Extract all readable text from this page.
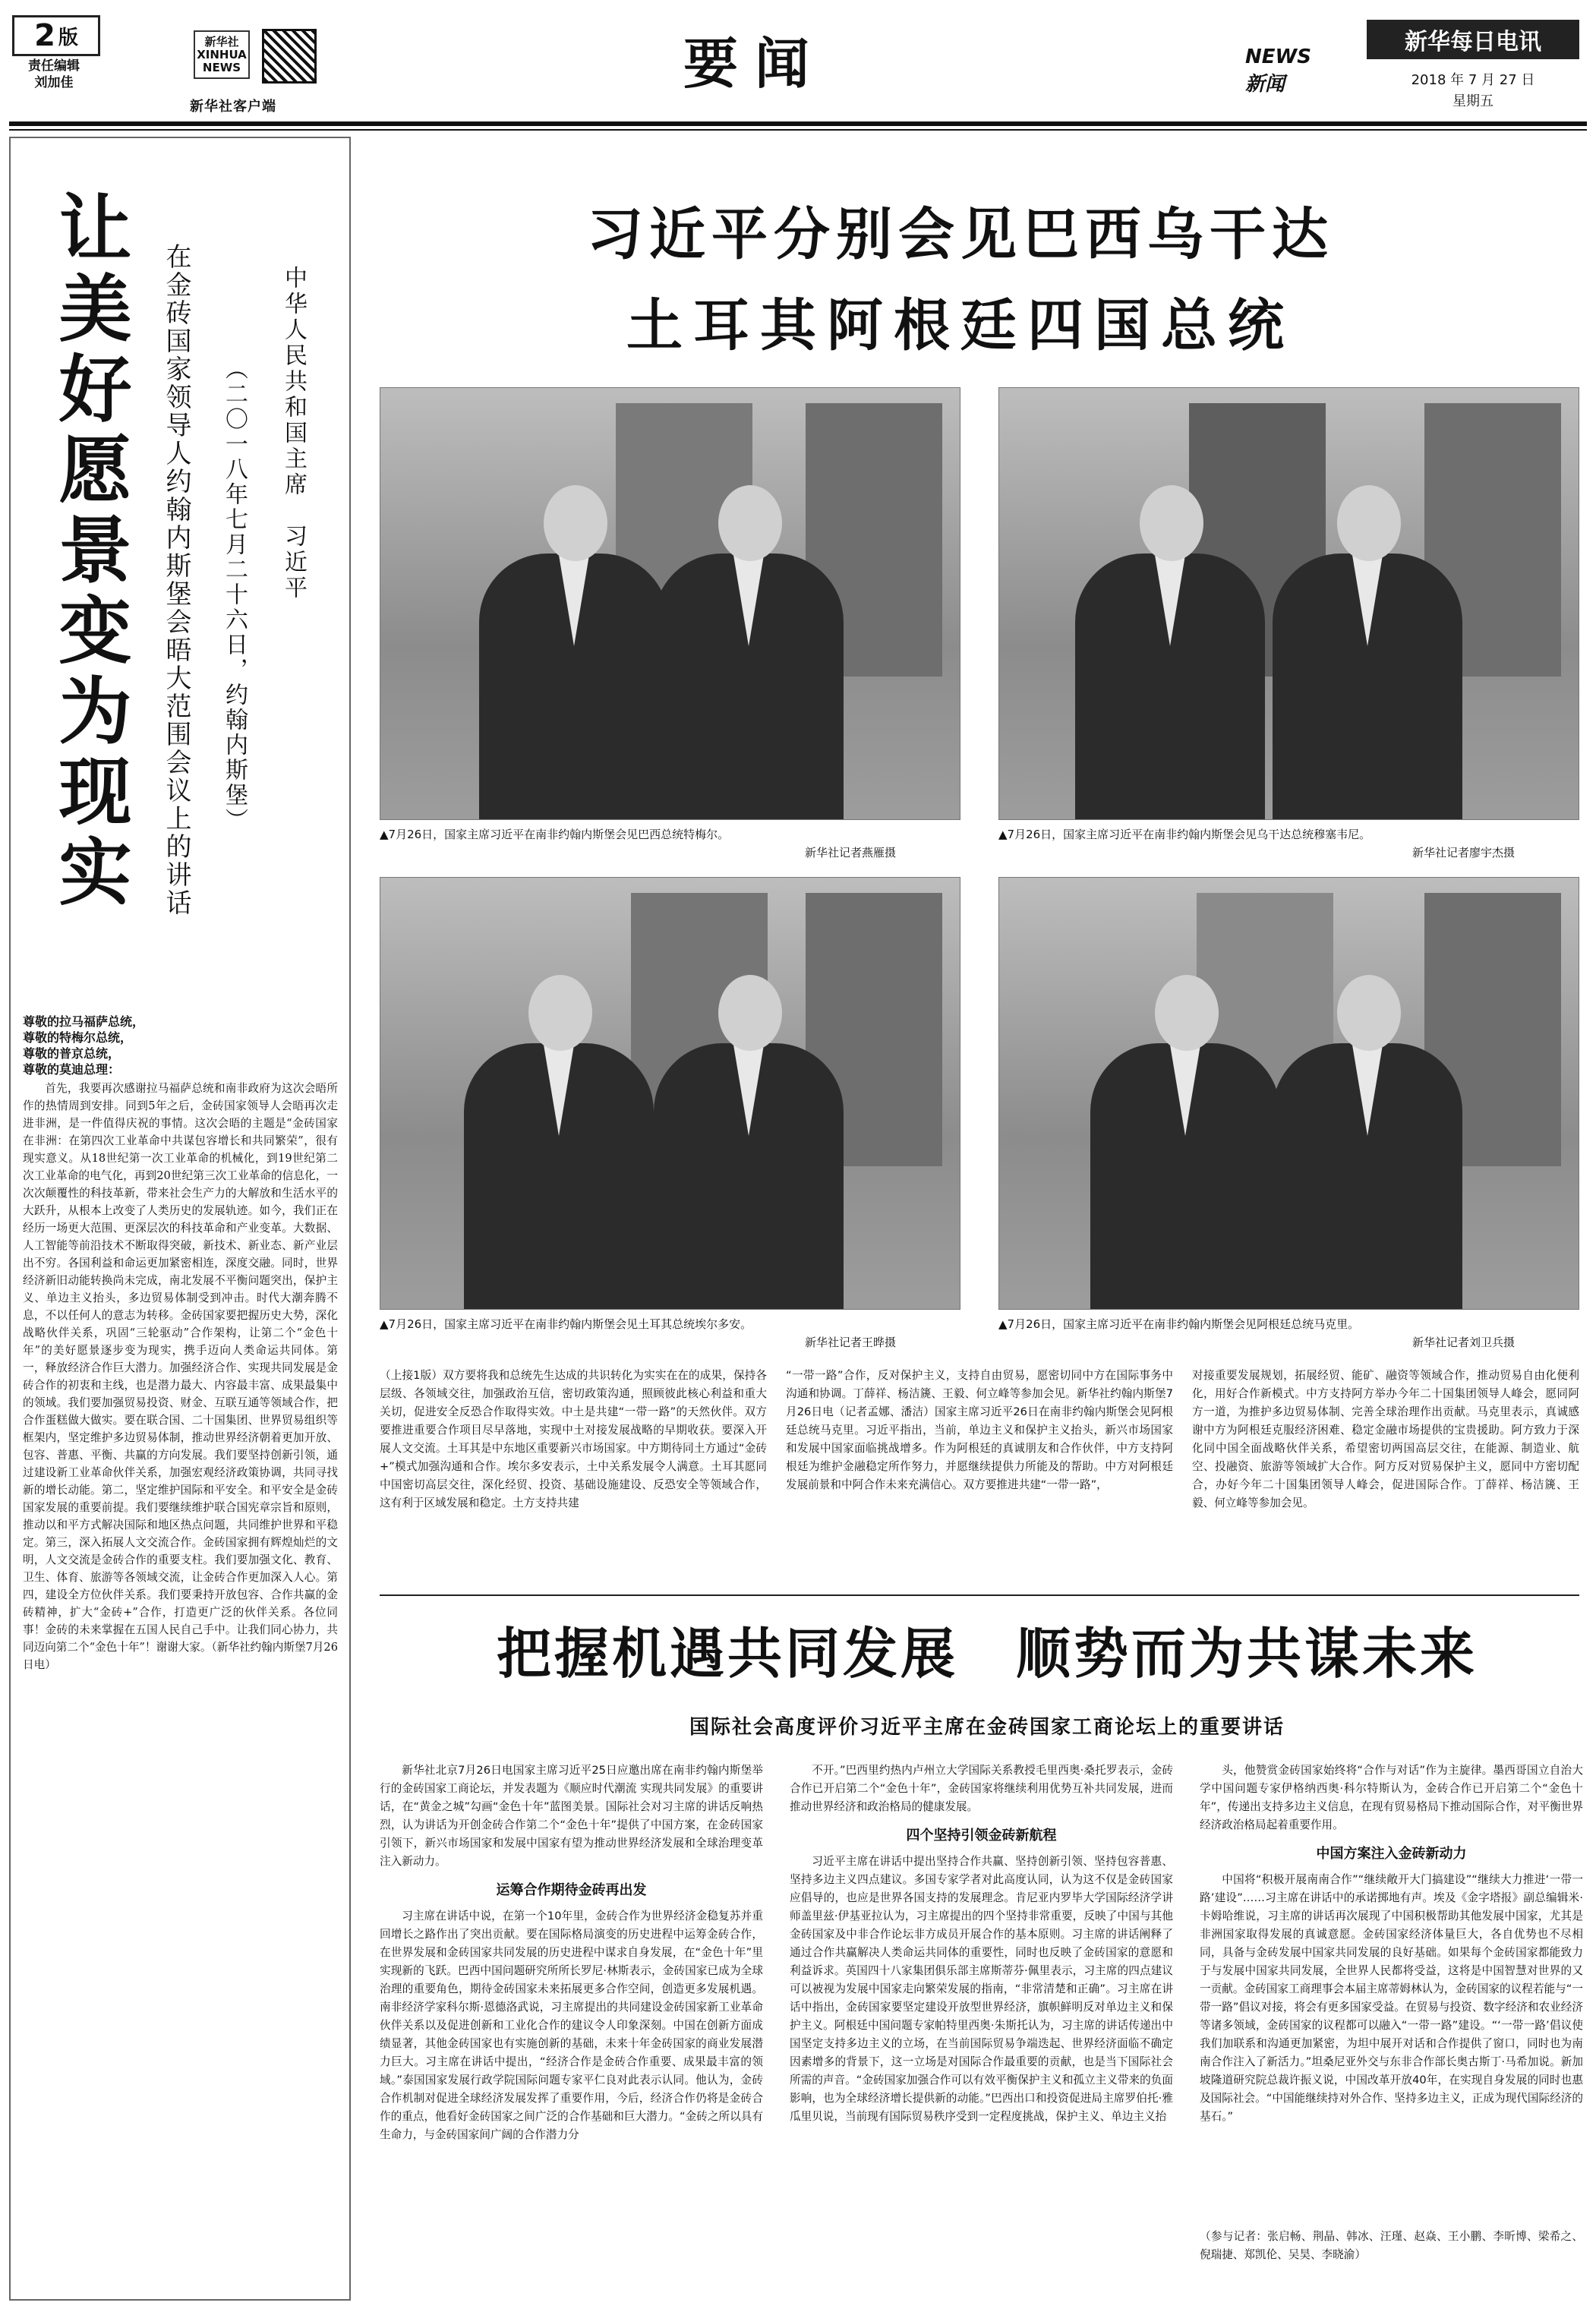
2 版
责任编辑
刘加佳
新华社 XINHUA NEWS
新华社客户端
要闻	NEWS 新闻
新华每日电讯
2018 年 7 月 27 日
星期五
让美好愿景变为现实 在金砖国家领导人约翰内斯堡会晤大范围会议上的讲话 （二〇一八年七月二十六日，约翰内斯堡） 中华人民共和国主席　习近平
尊敬的拉马福萨总统，
尊敬的特梅尔总统，
尊敬的普京总统，
尊敬的莫迪总理：
首先，我要再次感谢拉马福萨总统和南非政府为这次会晤所作的热情周到安排。同到5年之后，金砖国家领导人会晤再次走进非洲，是一件值得庆祝的事情。这次会晤的主题是“金砖国家在非洲：在第四次工业革命中共谋包容增长和共同繁荣”，很有现实意义。从18世纪第一次工业革命的机械化，到19世纪第二次工业革命的电气化，再到20世纪第三次工业革命的信息化，一次次颠覆性的科技革新，带来社会生产力的大解放和生活水平的大跃升，从根本上改变了人类历史的发展轨迹。如今，我们正在经历一场更大范围、更深层次的科技革命和产业变革。大数据、人工智能等前沿技术不断取得突破，新技术、新业态、新产业层出不穷。各国利益和命运更加紧密相连，深度交融。同时，世界经济新旧动能转换尚未完成，南北发展不平衡问题突出，保护主义、单边主义抬头，多边贸易体制受到冲击。时代大潮奔腾不息，不以任何人的意志为转移。金砖国家要把握历史大势，深化战略伙伴关系，巩固“三轮驱动”合作架构，让第二个“金色十年”的美好愿景逐步变为现实，携手迈向人类命运共同体。第一，释放经济合作巨大潜力。加强经济合作、实现共同发展是金砖合作的初衷和主线，也是潜力最大、内容最丰富、成果最集中的领域。我们要加强贸易投资、财金、互联互通等领域合作，把合作蛋糕做大做实。要在联合国、二十国集团、世界贸易组织等框架内，坚定维护多边贸易体制，推动世界经济朝着更加开放、包容、普惠、平衡、共赢的方向发展。我们要坚持创新引领，通过建设新工业革命伙伴关系，加强宏观经济政策协调，共同寻找新的增长动能。第二，坚定维护国际和平安全。和平安全是金砖国家发展的重要前提。我们要继续维护联合国宪章宗旨和原则，推动以和平方式解决国际和地区热点问题，共同维护世界和平稳定。第三，深入拓展人文交流合作。金砖国家拥有辉煌灿烂的文明，人文交流是金砖合作的重要支柱。我们要加强文化、教育、卫生、体育、旅游等各领域交流，让金砖合作更加深入人心。第四，建设全方位伙伴关系。我们要秉持开放包容、合作共赢的金砖精神，扩大“金砖+”合作，打造更广泛的伙伴关系。各位同事！金砖的未来掌握在五国人民自己手中。让我们同心协力，共同迈向第二个“金色十年”！谢谢大家。（新华社约翰内斯堡7月26日电）
习近平分别会见巴西乌干达
土耳其阿根廷四国总统
▲7月26日，国家主席习近平在南非约翰内斯堡会见巴西总统特梅尔。
新华社记者燕雁摄
▲7月26日，国家主席习近平在南非约翰内斯堡会见乌干达总统穆塞韦尼。
新华社记者廖宇杰摄
▲7月26日，国家主席习近平在南非约翰内斯堡会见土耳其总统埃尔多安。
新华社记者王晔摄
▲7月26日，国家主席习近平在南非约翰内斯堡会见阿根廷总统马克里。
新华社记者刘卫兵摄
（上接1版）双方要将我和总统先生达成的共识转化为实实在在的成果，保持各层级、各领域交往，加强政治互信，密切政策沟通，照顾彼此核心利益和重大关切，促进安全反恐合作取得实效。中土是共建“一带一路”的天然伙伴。双方要推进重要合作项目尽早落地，实现中土对接发展战略的早期收获。要深入开展人文交流。土耳其是中东地区重要新兴市场国家。中方期待同土方通过“金砖+”模式加强沟通和合作。埃尔多安表示，土中关系发展令人满意。土耳其愿同中国密切高层交往，深化经贸、投资、基础设施建设、反恐安全等领域合作，这有利于区域发展和稳定。土方支持共建
“一带一路”合作，反对保护主义，支持自由贸易，愿密切同中方在国际事务中沟通和协调。丁薛祥、杨洁篪、王毅、何立峰等参加会见。新华社约翰内斯堡7月26日电（记者孟娜、潘洁）国家主席习近平26日在南非约翰内斯堡会见阿根廷总统马克里。习近平指出，当前，单边主义和保护主义抬头，新兴市场国家和发展中国家面临挑战增多。作为阿根廷的真诚朋友和合作伙伴，中方支持阿根廷为维护金融稳定所作努力，并愿继续提供力所能及的帮助。中方对阿根廷发展前景和中阿合作未来充满信心。双方要推进共建“一带一路”，
对接重要发展规划，拓展经贸、能矿、融资等领域合作，推动贸易自由化便利化，用好合作新模式。中方支持阿方举办今年二十国集团领导人峰会，愿同阿方一道，为推护多边贸易体制、完善全球治理作出贡献。马克里表示，真诚感谢中方为阿根廷克服经济困难、稳定金融市场提供的宝贵援助。阿方致力于深化同中国全面战略伙伴关系，希望密切两国高层交往，在能源、制造业、航空、投融资、旅游等领域扩大合作。阿方反对贸易保护主义，愿同中方密切配合，办好今年二十国集团领导人峰会，促进国际合作。丁薛祥、杨洁篪、王毅、何立峰等参加会见。
把握机遇共同发展　顺势而为共谋未来
国际社会高度评价习近平主席在金砖国家工商论坛上的重要讲话

新华社北京7月26日电国家主席习近平25日应邀出席在南非约翰内斯堡举行的金砖国家工商论坛，并发表题为《顺应时代潮流 实现共同发展》的重要讲话，在“黄金之城”勾画“金色十年”蓝图美景。国际社会对习主席的讲话反响热烈，认为讲话为开创金砖合作第二个“金色十年”提供了中国方案，在金砖国家引领下，新兴市场国家和发展中国家有望为推动世界经济发展和全球治理变革注入新动力。

运筹合作期待金砖再出发

习主席在讲话中说，在第一个10年里，金砖合作为世界经济金稳复苏并重回增长之路作出了突出贡献。要在国际格局演变的历史进程中运筹金砖合作，在世界发展和金砖国家共同发展的历史进程中谋求自身发展，在“金色十年”里实现新的飞跃。巴西中国问题研究所所长罗尼·林斯表示，金砖国家已成为全球治理的重要角色，期待金砖国家未来拓展更多合作空间，创造更多发展机遇。南非经济学家科尔斯·恩德洛武说，习主席提出的共同建设金砖国家新工业革命伙伴关系以及促进创新和工业化合作的建议令人印象深刻。中国在创新方面成绩显著，其他金砖国家也有实施创新的基础，未来十年金砖国家的商业发展潜力巨大。习主席在讲话中提出，“经济合作是金砖合作重要、成果最丰富的领域。”泰国国家发展行政学院国际问题专家平仁良对此表示认同。他认为，金砖合作机制对促进全球经济发展发挥了重要作用，今后，经济合作仍将是金砖合作的重点，他看好金砖国家之间广泛的合作基础和巨大潜力。“金砖之所以具有生命力，与金砖国家间广阔的合作潜力分

不开。”巴西里约热内卢州立大学国际关系教授毛里西奥·桑托罗表示，金砖合作已开启第二个“金色十年”，金砖国家将继续利用优势互补共同发展，进而推动世界经济和政治格局的健康发展。

四个坚持引领金砖新航程

习近平主席在讲话中提出坚持合作共赢、坚持创新引领、坚持包容普惠、坚持多边主义四点建议。多国专家学者对此高度认同，认为这不仅是金砖国家应倡导的，也应是世界各国支持的发展理念。肯尼亚内罗毕大学国际经济学讲师盖里兹·伊基亚拉认为，习主席提出的四个坚持非常重要，反映了中国与其他金砖国家及中非合作论坛非方成员开展合作的基本原则。习主席的讲话阐释了通过合作共赢解决人类命运共同体的重要性，同时也反映了金砖国家的意愿和利益诉求。英国四十八家集团俱乐部主席斯蒂芬·佩里表示，习主席的四点建议可以被视为发展中国家走向繁荣发展的指南，“非常清楚和正确”。习主席在讲话中指出，金砖国家要坚定建设开放型世界经济，旗帜鲜明反对单边主义和保护主义。阿根廷中国问题专家帕特里西奥·朱斯托认为，习主席的讲话传递出中国坚定支持多边主义的立场，在当前国际贸易争端迭起、世界经济面临不确定因素增多的背景下，这一立场是对国际合作最重要的贡献，也是当下国际社会所需的声音。“金砖国家加强合作可以有效平衡保护主义和孤立主义带来的负面影响，也为全球经济增长提供新的动能。”巴西出口和投资促进局主席罗伯托·雅瓜里贝说，当前现有国际贸易秩序受到一定程度挑战，保护主义、单边主义抬

头，他赞赏金砖国家始终将“合作与对话”作为主旋律。墨西哥国立自治大学中国问题专家伊格纳西奥·科尔特斯认为，金砖合作已开启第二个“金色十年”，传递出支持多边主义信息，在现有贸易格局下推动国际合作，对平衡世界经济政治格局起着重要作用。

中国方案注入金砖新动力

中国将“积极开展南南合作”“继续敞开大门搞建设”“继续大力推进‘一带一路’建设”……习主席在讲话中的承诺掷地有声。埃及《金字塔报》副总编辑米·卡姆哈维说，习主席的讲话再次展现了中国积极帮助其他发展中国家，尤其是非洲国家取得发展的真诚意愿。金砖国家经济体量巨大，各自优势也不尽相同，具备与金砖发展中国家共同发展的良好基础。如果每个金砖国家都能致力于与发展中国家共同发展，全世界人民都将受益，这将是中国智慧对世界的又一贡献。金砖国家工商理事会本届主席蒂姆林认为，金砖国家的议程若能与“一带一路”倡议对接，将会有更多国家受益。在贸易与投资、数字经济和农业经济等诸多领域，金砖国家的议程都可以融入“一带一路”建设。“‘一带一路’倡议使我们加联系和沟通更加紧密，为坦中展开对话和合作提供了窗口，同时也为南南合作注入了新活力。”坦桑尼亚外交与东非合作部长奥古斯丁·马希加说。新加坡隆道研究院总裁许振义说，中国改革开放40年，在实现自身发展的同时也惠及国际社会。“中国能继续持对外合作、坚持多边主义，正成为现代国际经济的基石。”

（参与记者：张启畅、荆晶、韩冰、汪瑾、赵焱、王小鹏、李昕博、梁希之、倪瑞捷、郑凯伦、吴昊、李晓渝）
